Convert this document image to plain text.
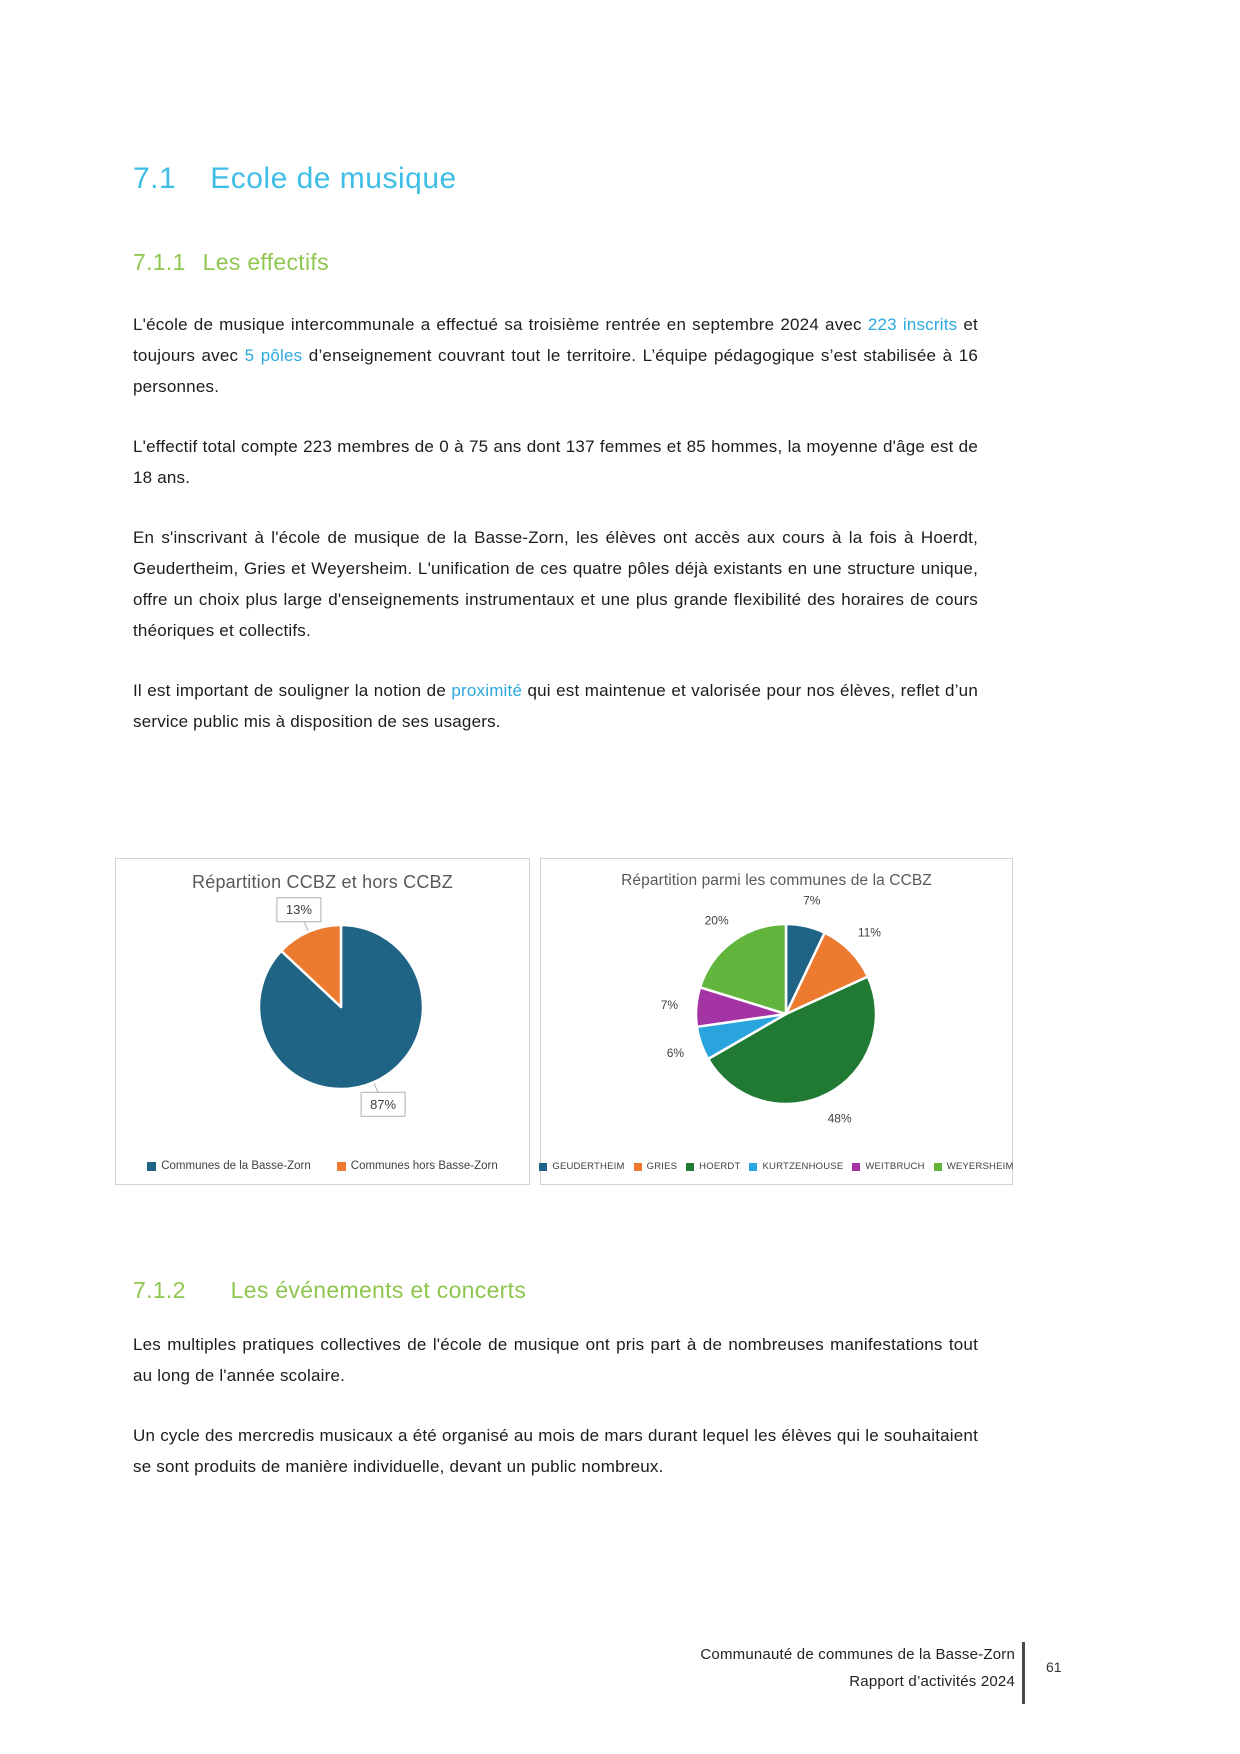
7.1 Ecole de musique
7.1.1 Les effectifs

L'école de musique intercommunale a effectué sa troisième rentrée en septembre 2024 avec 223 inscrits et toujours avec 5 pôles d’enseignement couvrant tout le territoire. L’équipe pédagogique s’est stabilisée à 16 personnes.

L'effectif total compte 223 membres de 0 à 75 ans dont 137 femmes et 85 hommes, la moyenne d'âge est de 18 ans.

En s'inscrivant à l'école de musique de la Basse-Zorn, les élèves ont accès aux cours à la fois à Hoerdt, Geudertheim, Gries et Weyersheim. L'unification de ces quatre pôles déjà existants en une structure unique, offre un choix plus large d'enseignements instrumentaux et une plus grande flexibilité des horaires de cours théoriques et collectifs.

Il est important de souligner la notion de proximité qui est maintenue et valorisée pour nos élèves, reflet d’un service public mis à disposition de ses usagers.

Répartition CCBZ et hors CCBZ
87%
13%
Communes de la Basse-Zorn	Communes hors Basse-Zorn
Répartition parmi les communes de la CCBZ
7%
11%
48%
6%
7%
20%
GEUDERTHEIM GRIES HOERDT KURTZENHOUSE WEITBRUCH WEYERSHEIM
7.1.2 Les événements et concerts

Les multiples pratiques collectives de l'école de musique ont pris part à de nombreuses manifestations tout au long de l'année scolaire.

Un cycle des mercredis musicaux a été organisé au mois de mars durant lequel les élèves qui le souhaitaient se sont produits de manière individuelle, devant un public nombreux.

Communauté de communes de la Basse-Zorn
Rapport d’activités 2024
61
